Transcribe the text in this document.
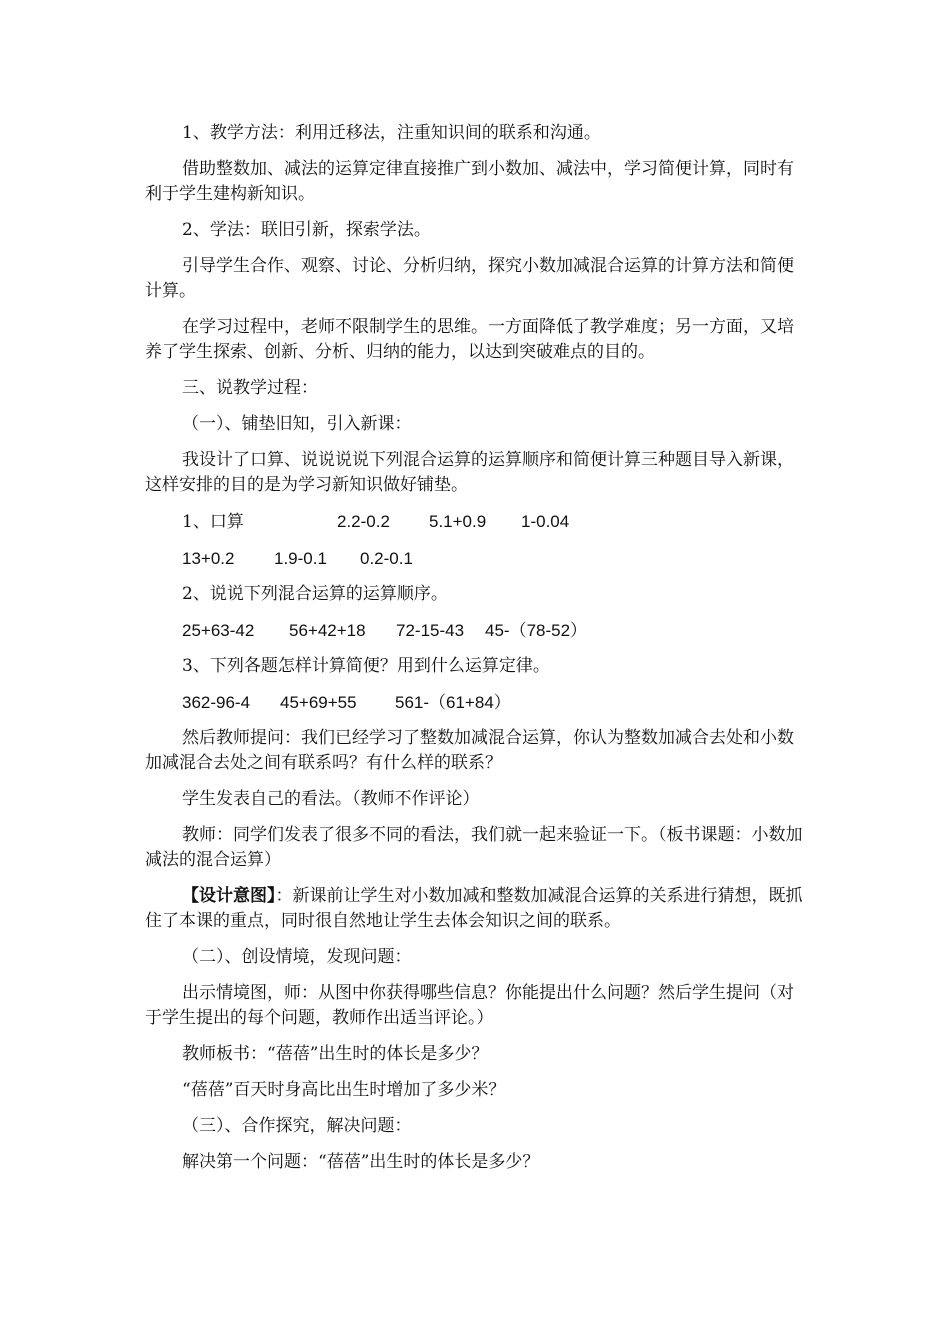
1、教学方法：利用迁移法，注重知识间的联系和沟通。

借助整数加、减法的运算定律直接推广到小数加、减法中，学习简便计算，同时有利于学生建构新知识。

2、学法：联旧引新，探索学法。

引导学生合作、观察、讨论、分析归纳，探究小数加减混合运算的计算方法和简便计算。

在学习过程中，老师不限制学生的思维。一方面降低了教学难度；另一方面，又培养了学生探索、创新、分析、归纳的能力，以达到突破难点的目的。

三、说教学过程：

（一）、铺垫旧知，引入新课：

我设计了口算、说说说说下列混合运算的运算顺序和简便计算三种题目导入新课，这样安排的目的是为学习新知识做好铺垫。

1、口算	2.2-0.2 5.1+0.9 1-0.04
13+0.2 1.9-0.1 0.2-0.1

2、说说下列混合运算的运算顺序。

25+63-42 56+42+18 72-15-43 45-（78-52）

3、下列各题怎样计算简便？用到什么运算定律。

362-96-4 45+69+55 561-（61+84）

然后教师提问：我们已经学习了整数加减混合运算，你认为整数加减合去处和小数加减混合去处之间有联系吗？有什么样的联系？

学生发表自己的看法。（教师不作评论）

教师：同学们发表了很多不同的看法，我们就一起来验证一下。（板书课题：小数加减法的混合运算）

【设计意图】：新课前让学生对小数加减和整数加减混合运算的关系进行猜想，既抓住了本课的重点，同时很自然地让学生去体会知识之间的联系。

（二）、创设情境，发现问题：

出示情境图，师：从图中你获得哪些信息？你能提出什么问题？然后学生提问（对于学生提出的每个问题，教师作出适当评论。）

教师板书：“蓓蓓”出生时的体长是多少？

“蓓蓓”百天时身高比出生时增加了多少米？

（三）、合作探究，解决问题：

解决第一个问题：“蓓蓓”出生时的体长是多少？
